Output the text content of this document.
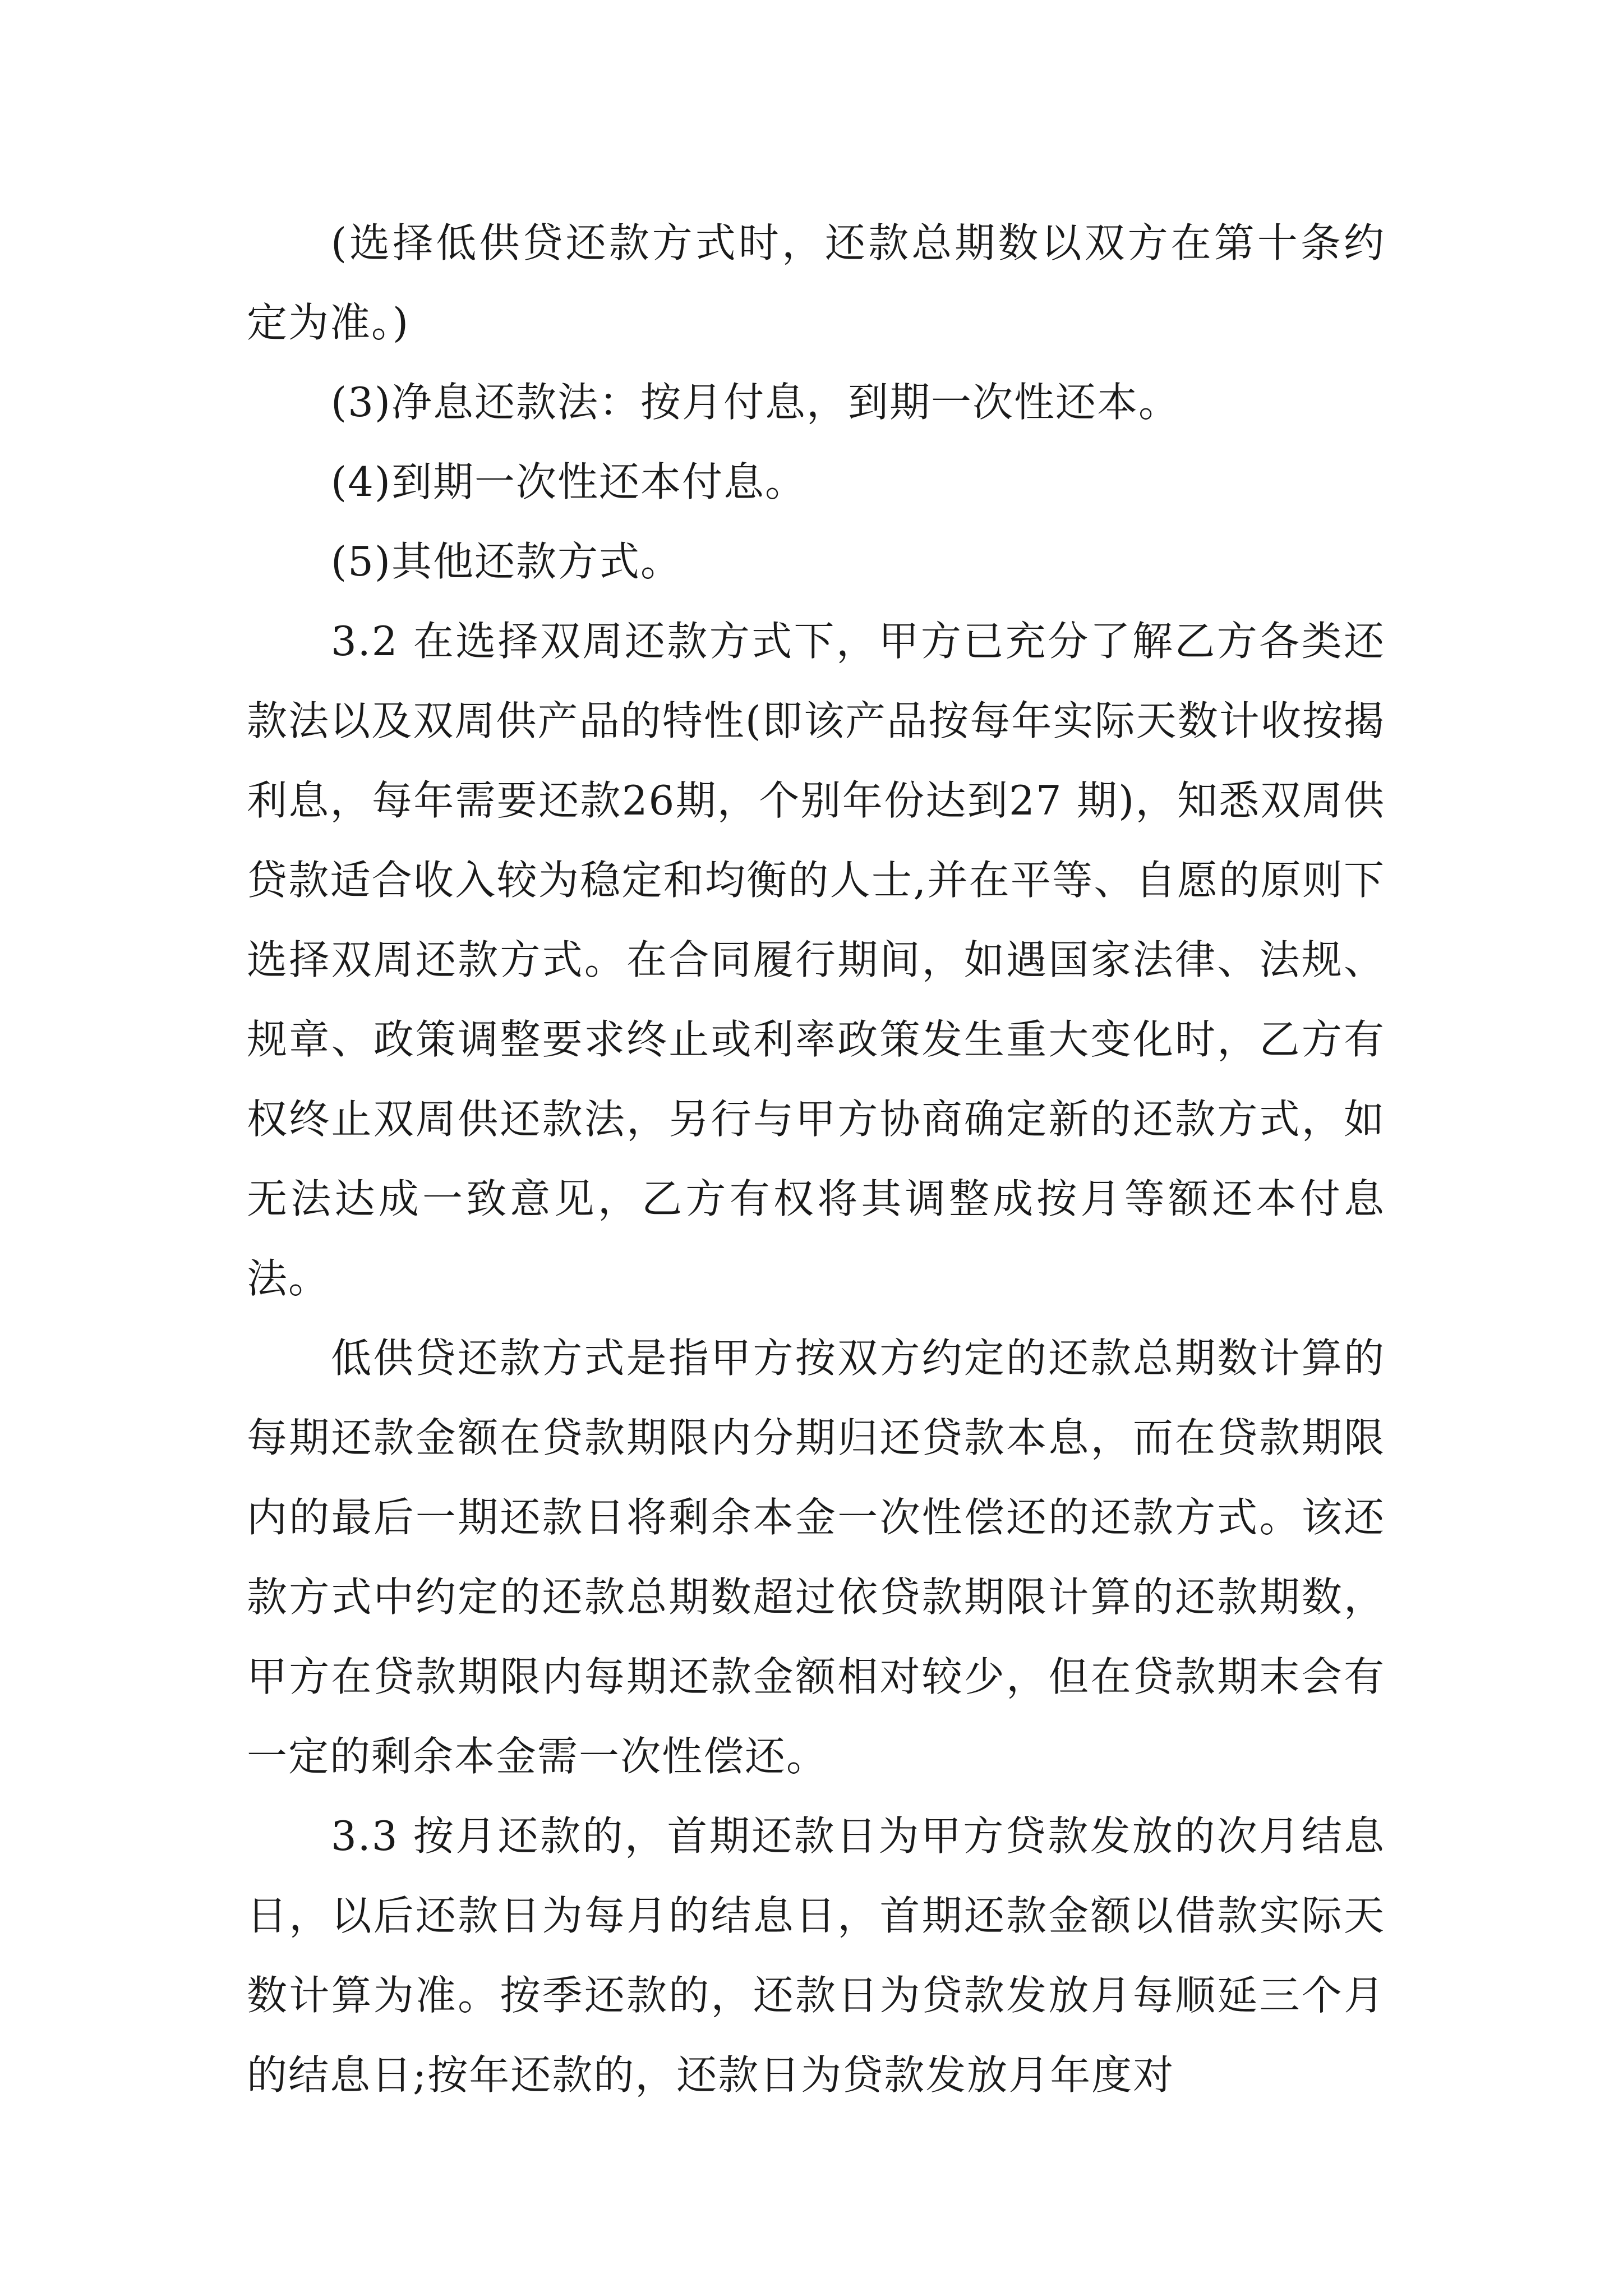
(选择低供贷还款方式时，还款总期数以双方在第十条约定为准。)

(3)净息还款法：按月付息，到期一次性还本。

(4)到期一次性还本付息。

(5)其他还款方式。

3.2 在选择双周还款方式下，甲方已充分了解乙方各类还款法以及双周供产品的特性(即该产品按每年实际天数计收按揭利息，每年需要还款26期，个别年份达到27 期)，知悉双周供贷款适合收入较为稳定和均衡的人士,并在平等、自愿的原则下选择双周还款方式。在合同履行期间，如遇国家法律、法规、规章、政策调整要求终止或利率政策发生重大变化时，乙方有权终止双周供还款法，另行与甲方协商确定新的还款方式，如无法达成一致意见，乙方有权将其调整成按月等额还本付息法。

低供贷还款方式是指甲方按双方约定的还款总期数计算的每期还款金额在贷款期限内分期归还贷款本息，而在贷款期限内的最后一期还款日将剩余本金一次性偿还的还款方式。该还款方式中约定的还款总期数超过依贷款期限计算的还款期数，甲方在贷款期限内每期还款金额相对较少，但在贷款期末会有一定的剩余本金需一次性偿还。

3.3 按月还款的，首期还款日为甲方贷款发放的次月结息日，以后还款日为每月的结息日，首期还款金额以借款实际天数计算为准。按季还款的，还款日为贷款发放月每顺延三个月的结息日;按年还款的，还款日为贷款发放月年度对
